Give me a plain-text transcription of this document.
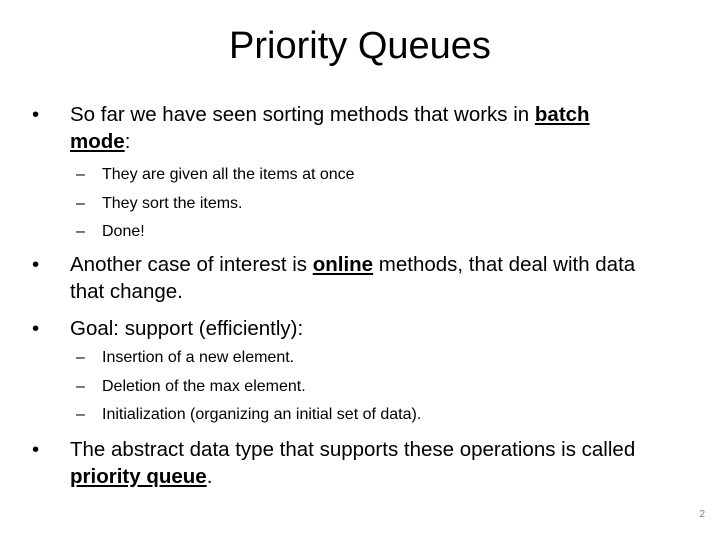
Priority Queues
• So far we have seen sorting methods that works in batch
mode:
– They are given all the items at once
– They sort the items.
– Done!
• Another case of interest is online methods, that deal with data that change.
• Goal: support (efficiently):
– Insertion of a new element.
– Deletion of the max element.
– Initialization (organizing an initial set of data).
• The abstract data type that supports these operations is called priority queue.
2
